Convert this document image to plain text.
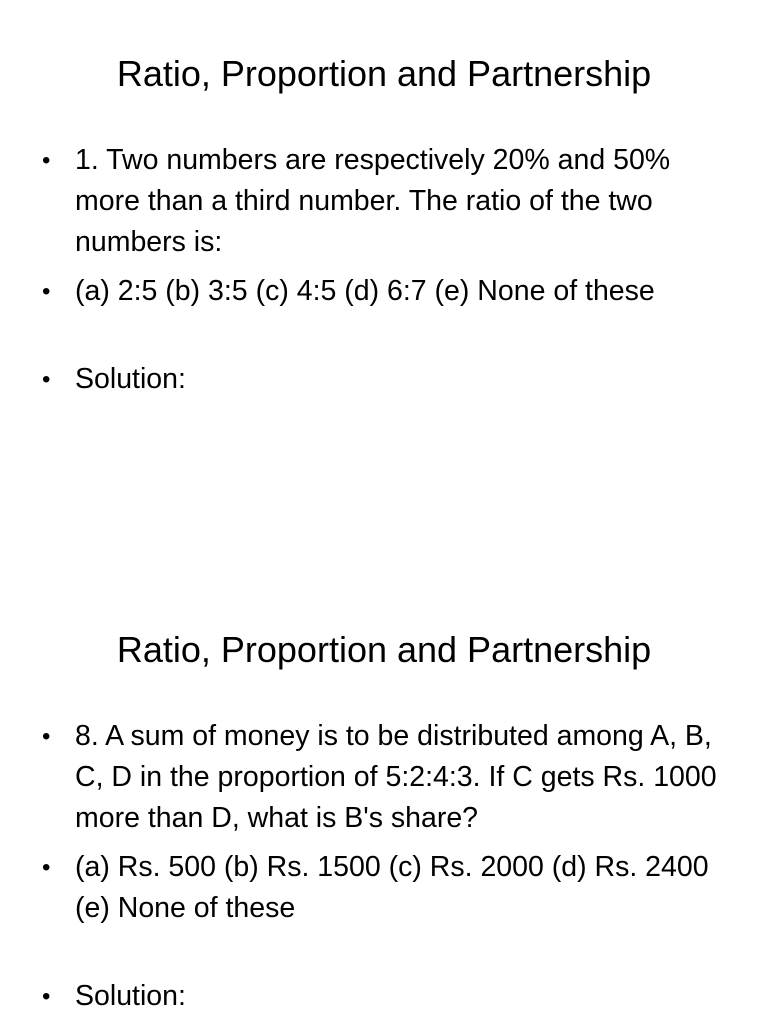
Ratio, Proportion and Partnership
• 1. Two numbers are respectively 20% and 50% more than a third number. The ratio of the two numbers is:
• (a) 2:5 (b) 3:5 (c) 4:5 (d) 6:7 (e) None of these
• Solution:
Ratio, Proportion and Partnership
• 8. A sum of money is to be distributed among A, B, C, D in the proportion of 5:2:4:3. If C gets Rs. 1000 more than D, what is B's share?
• (a) Rs. 500 (b) Rs. 1500 (c) Rs. 2000 (d) Rs. 2400 (e) None of these
• Solution:
